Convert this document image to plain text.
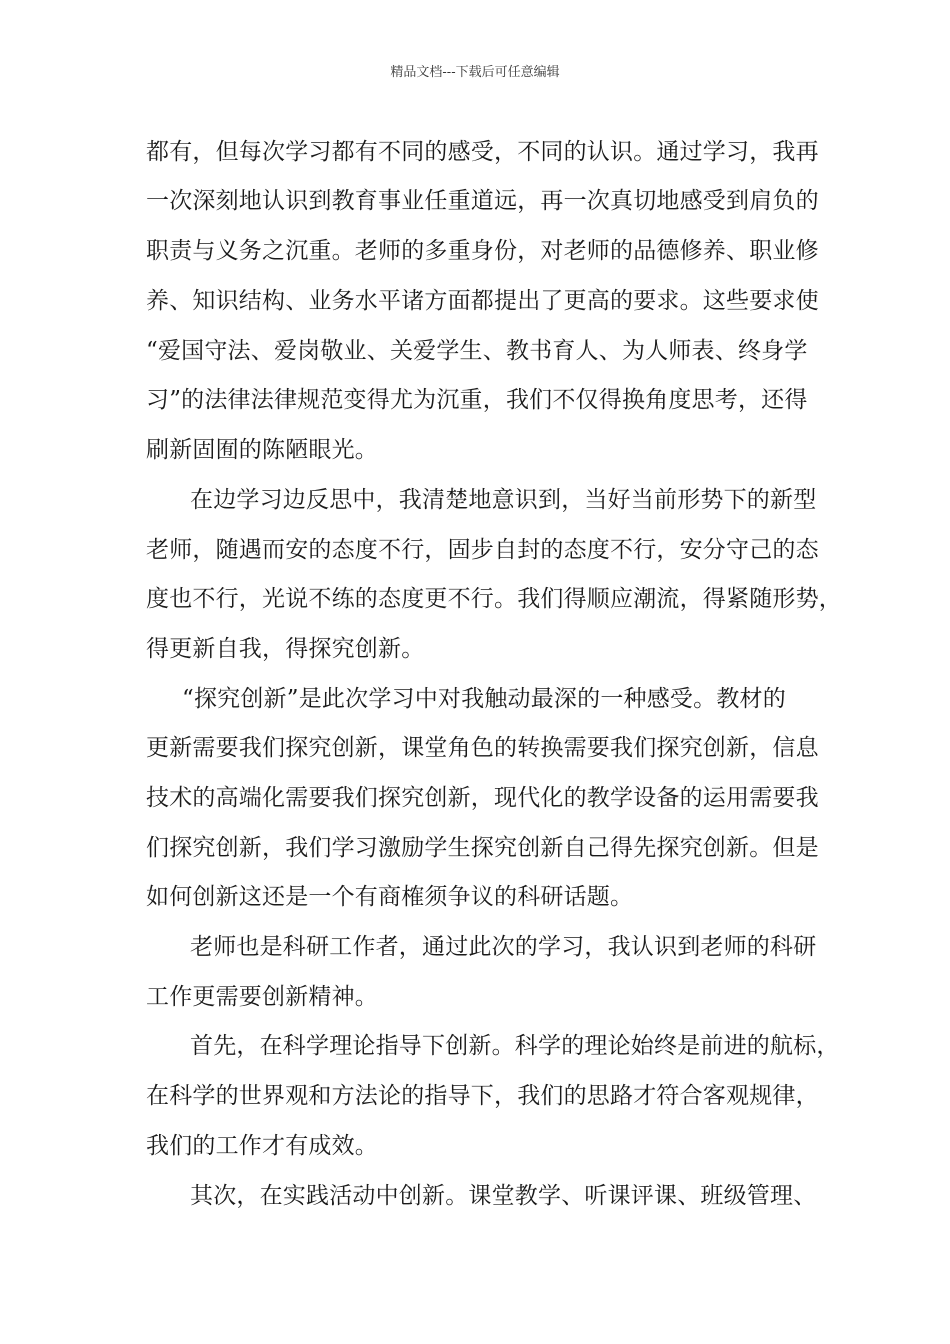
精品文档---下载后可任意编辑
都有，但每次学习都有不同的感受，不同的认识。通过学习，我再
一次深刻地认识到教育事业任重道远，再一次真切地感受到肩负的
职责与义务之沉重。老师的多重身份，对老师的品德修养、职业修
养、知识结构、业务水平诸方面都提出了更高的要求。这些要求使
“爱国守法、爱岗敬业、关爱学生、教书育人、为人师表、终身学
习”的法律法律规范变得尤为沉重，我们不仅得换角度思考，还得
刷新固囿的陈陋眼光。
在边学习边反思中，我清楚地意识到，当好当前形势下的新型
老师，随遇而安的态度不行，固步自封的态度不行，安分守己的态
度也不行，光说不练的态度更不行。我们得顺应潮流，得紧随形势，
得更新自我，得探究创新。
“探究创新”是此次学习中对我触动最深的一种感受。教材的
更新需要我们探究创新，课堂角色的转换需要我们探究创新，信息
技术的高端化需要我们探究创新，现代化的教学设备的运用需要我
们探究创新，我们学习激励学生探究创新自己得先探究创新。但是
如何创新这还是一个有商榷须争议的科研话题。
老师也是科研工作者，通过此次的学习，我认识到老师的科研
工作更需要创新精神。
首先，在科学理论指导下创新。科学的理论始终是前进的航标，
在科学的世界观和方法论的指导下，我们的思路才符合客观规律，
我们的工作才有成效。
其次，在实践活动中创新。课堂教学、听课评课、班级管理、
